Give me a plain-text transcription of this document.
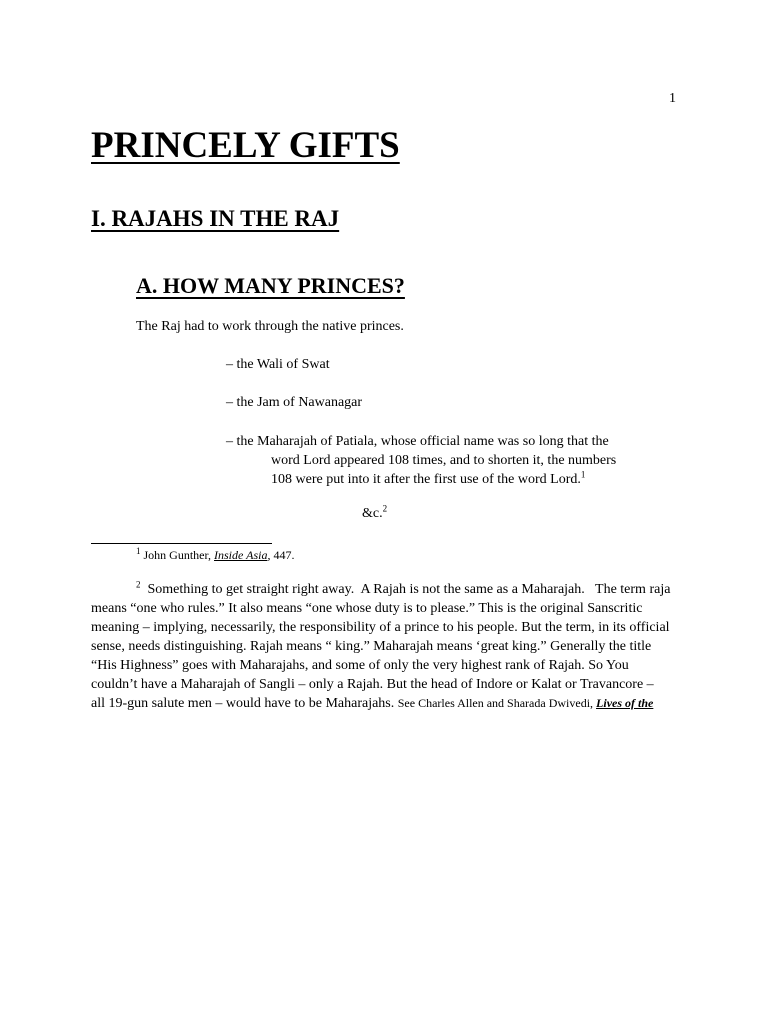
1
PRINCELY GIFTS
I. RAJAHS IN THE RAJ
A. HOW MANY PRINCES?
The Raj had to work through the native princes.
– the Wali of Swat
– the Jam of Nawanagar
– the Maharajah of Patiala, whose official name was so long that the
word Lord appeared 108 times, and to shorten it, the numbers
108 were put into it after the first use of the word Lord.$^1$
&c.$^2$
$^1$ John Gunther, Inside Asia, 447.
$^2$  Something to get straight right away.  A Rajah is not the same as a Maharajah.   The term raja
means “one who rules.” It also means “one whose duty is to please.” This is the original Sanscritic
meaning – implying, necessarily, the responsibility of a prince to his people. But the term, in its official
sense, needs distinguishing. Rajah means “ king.” Maharajah means ‘great king.” Generally the title
“His Highness” goes with Maharajahs, and some of only the very highest rank of Rajah. So You
couldn’t have a Maharajah of Sangli – only a Rajah. But the head of Indore or Kalat or Travancore –
all 19-gun salute men – would have to be Maharajahs. See Charles Allen and Sharada Dwivedi, Lives of the
